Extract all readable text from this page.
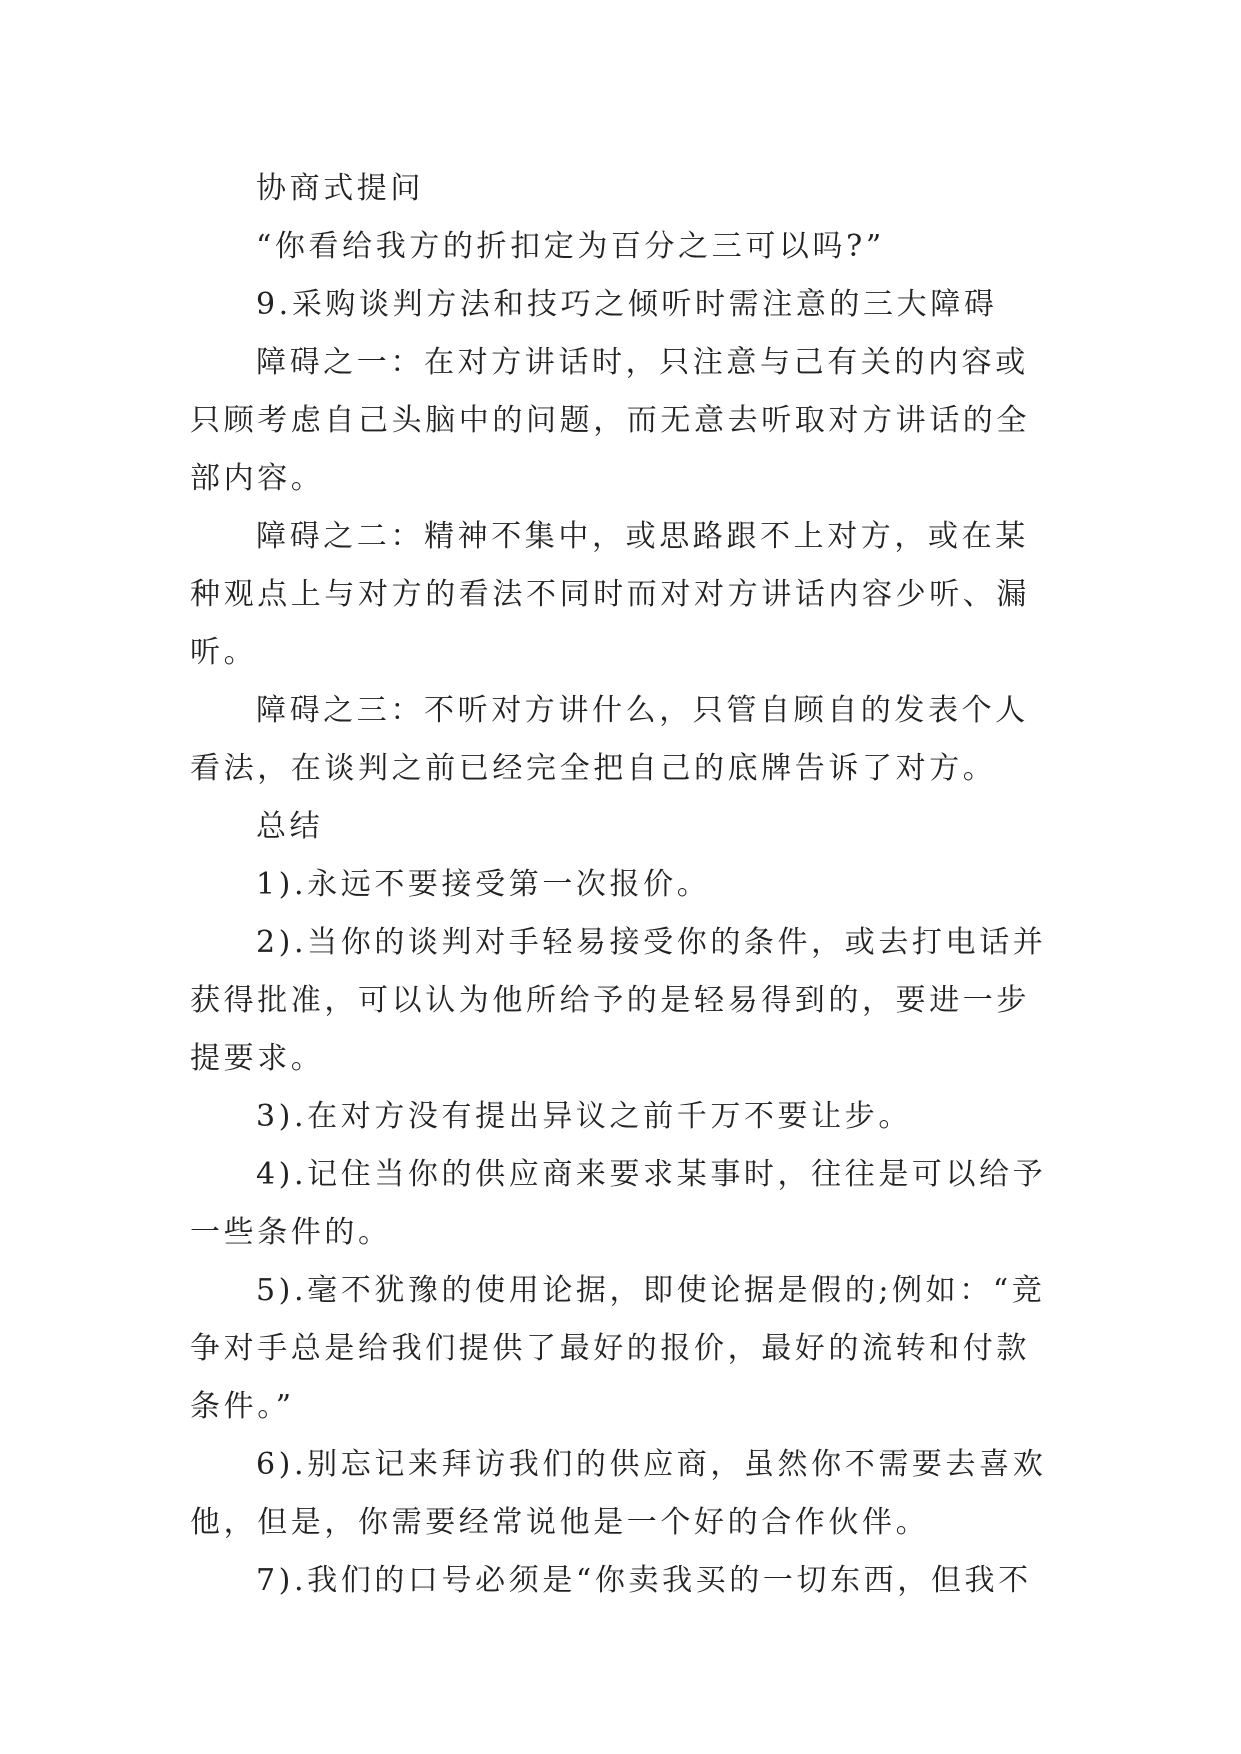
协商式提问

“你看给我方的折扣定为百分之三可以吗?”

9.采购谈判方法和技巧之倾听时需注意的三大障碍

障碍之一：在对方讲话时，只注意与己有关的内容或只顾考虑自己头脑中的问题，而无意去听取对方讲话的全部内容。

障碍之二：精神不集中，或思路跟不上对方，或在某种观点上与对方的看法不同时而对对方讲话内容少听、漏听。

障碍之三：不听对方讲什么，只管自顾自的发表个人看法，在谈判之前已经完全把自己的底牌告诉了对方。

总结

1).永远不要接受第一次报价。

2).当你的谈判对手轻易接受你的条件，或去打电话并获得批准，可以认为他所给予的是轻易得到的，要进一步提要求。

3).在对方没有提出异议之前千万不要让步。

4).记住当你的供应商来要求某事时，往往是可以给予一些条件的。

5).毫不犹豫的使用论据，即使论据是假的;例如：“竞争对手总是给我们提供了最好的报价，最好的流转和付款条件。”

6).别忘记来拜访我们的供应商，虽然你不需要去喜欢他，但是，你需要经常说他是一个好的合作伙伴。

7).我们的口号必须是“你卖我买的一切东西，但我不
